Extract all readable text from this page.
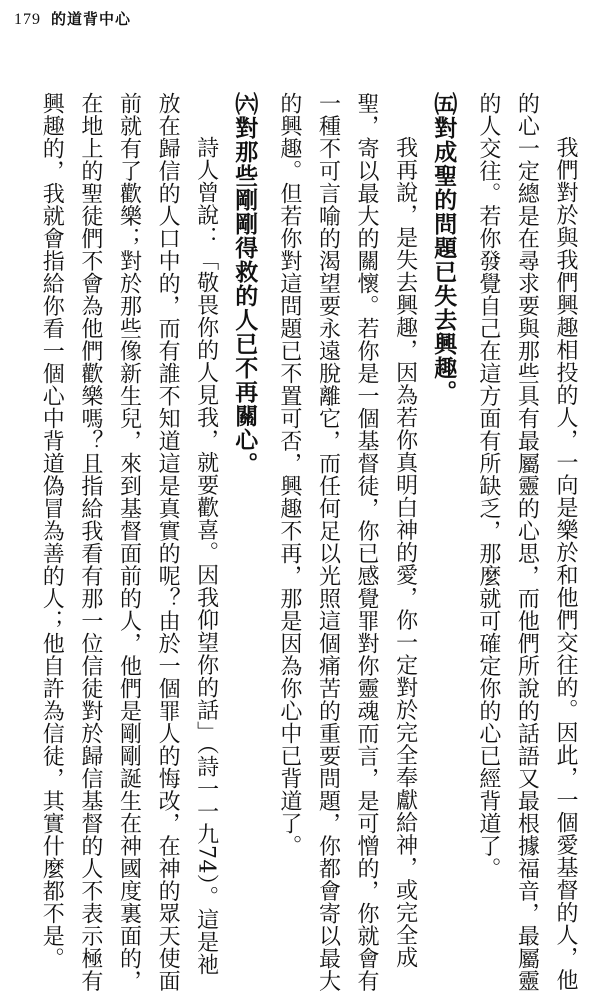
179 的道背中心
我們對於與我們興趣相投的人，一向是樂於和他們交往的。因此，一個愛基督的人，他
的心一定總是在尋求要與那些具有最屬靈的心思，而他們所說的話語又最根據福音，最屬靈
的人交往。若你發覺自己在這方面有所缺乏，那麼就可確定你的心已經背道了。
㈤對成聖的問題已失去興趣。
我再說，是失去興趣，因為若你真明白神的愛，你一定對於完全奉獻給神，或完全成
聖，寄以最大的關懷。若你是一個基督徒，你已感覺罪對你靈魂而言，是可憎的，你就會有
一種不可言喻的渴望要永遠脫離它，而任何足以光照這個痛苦的重要問題，你都會寄以最大
的興趣。但若你對這問題已不置可否，興趣不再，那是因為你心中已背道了。
㈥對那些剛剛得救的人已不再關心。
詩人曾說：「敬畏你的人見我，就要歡喜。因我仰望你的話」（詩一一九74）。這是祂
放在歸信的人口中的，而有誰不知道這是真實的呢？由於一個罪人的悔改，在神的眾天使面
前就有了歡樂；對於那些像新生兒，來到基督面前的人，他們是剛剛誕生在神國度裏面的，
在地上的聖徒們不會為他們歡樂嗎？且指給我看有那一位信徒對於歸信基督的人不表示極有
興趣的，我就會指給你看一個心中背道偽冒為善的人；他自許為信徒，其實什麼都不是。
